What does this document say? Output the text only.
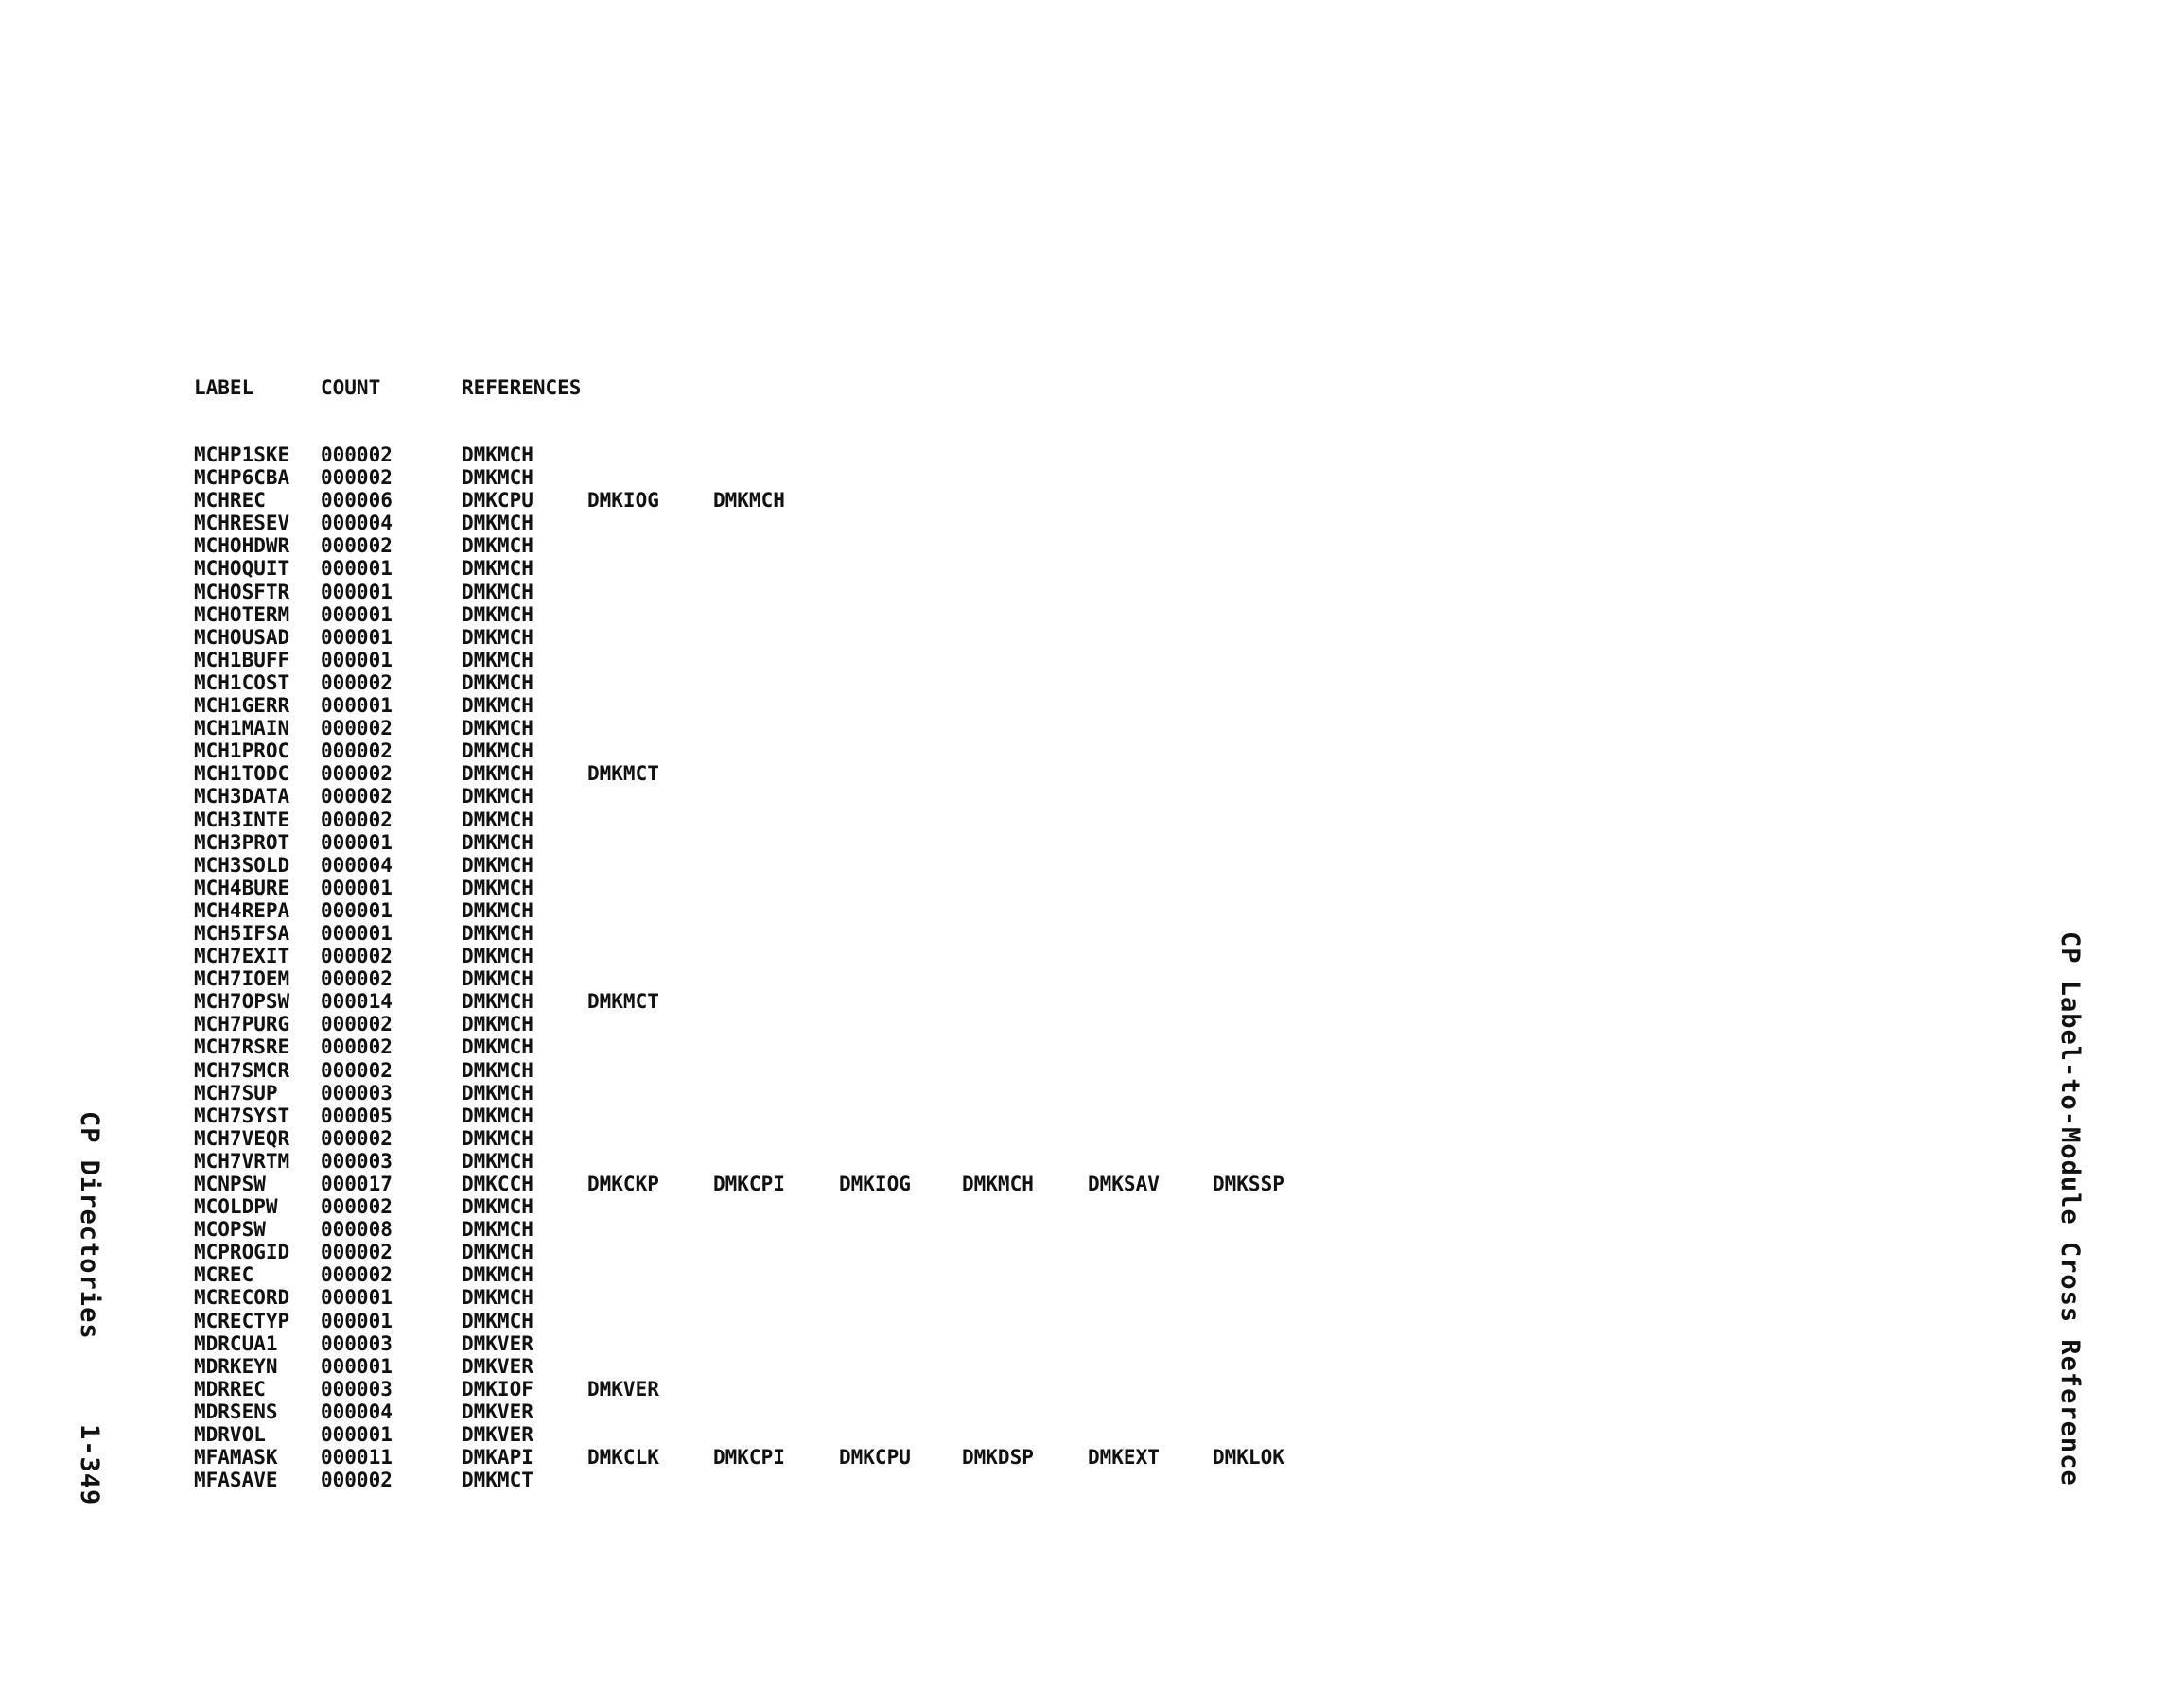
LABEL	COUNT	REFERENCES
MCHP1SKE 000002	DMKMCH
MCHP6CBA 000002	DMKMCH
MCHREC	000006	DMKCPU	DMKIOG	DMKMCH
MCHRESEV 000004	DMKMCH
MCHOHDWR 000002	DMKMCH
MCHOQUIT 000001	DMKMCH
MCHOSFTR 000001	DMKMCH
MCHOTERM 000001	DMKMCH
MCHOUSAD 000001	DMKMCH
MCH1BUFF 000001	DMKMCH
MCH1COST 000002	DMKMCH
MCH1GERR 000001	DMKMCH
MCH1MAIN 000002	DMKMCH
MCH1PROC 000002	DMKMCH
MCH1TODC 000002	DMKMCH	DMKMCT
MCH3DATA 000002	DMKMCH
MCH3INTE 000002	DMKMCH
MCH3PROT 000001	DMKMCH
MCH3SOLD 000004	DMKMCH
MCH4BURE 000001	DMKMCH
MCH4REPA 000001	DMKMCH
MCH5IFSA 000001	DMKMCH
MCH7EXIT 000002	DMKMCH
MCH7IOEM 000002	DMKMCH
MCH7OPSW 000014	DMKMCH	DMKMCT
MCH7PURG 000002	DMKMCH
MCH7RSRE 000002	DMKMCH
MCH7SMCR 000002	DMKMCH
MCH7SUP 000003	DMKMCH
MCH7SYST 000005	DMKMCH
MCH7VEQR 000002	DMKMCH
MCH7VRTM 000003	DMKMCH
MCNPSW	000017	DMKCCH	DMKCKP	DMKCPI	DMKIOG	DMKMCH	DMKSAV	DMKSSP
MCOLDPW 000002	DMKMCH
MCOPSW	000008	DMKMCH
MCPROGID 000002	DMKMCH
MCREC	000002	DMKMCH
MCRECORD 000001	DMKMCH
MCRECTYP 000001	DMKMCH
MDRCUA1 000003	DMKVER
MDRKEYN 000001	DMKVER
MDRREC	000003	DMKIOF	DMKVER
MDRSENS 000004	DMKVER
MDRVOL	000001	DMKVER
MFAMASK 000011	DMKAPI	DMKCLK	DMKCPI	DMKCPU	DMKDSP	DMKEXT	DMKLOK
MFASAVE 000002	DMKMCT	CP Label-to-Module Cross Reference
CP Directories 1-349
